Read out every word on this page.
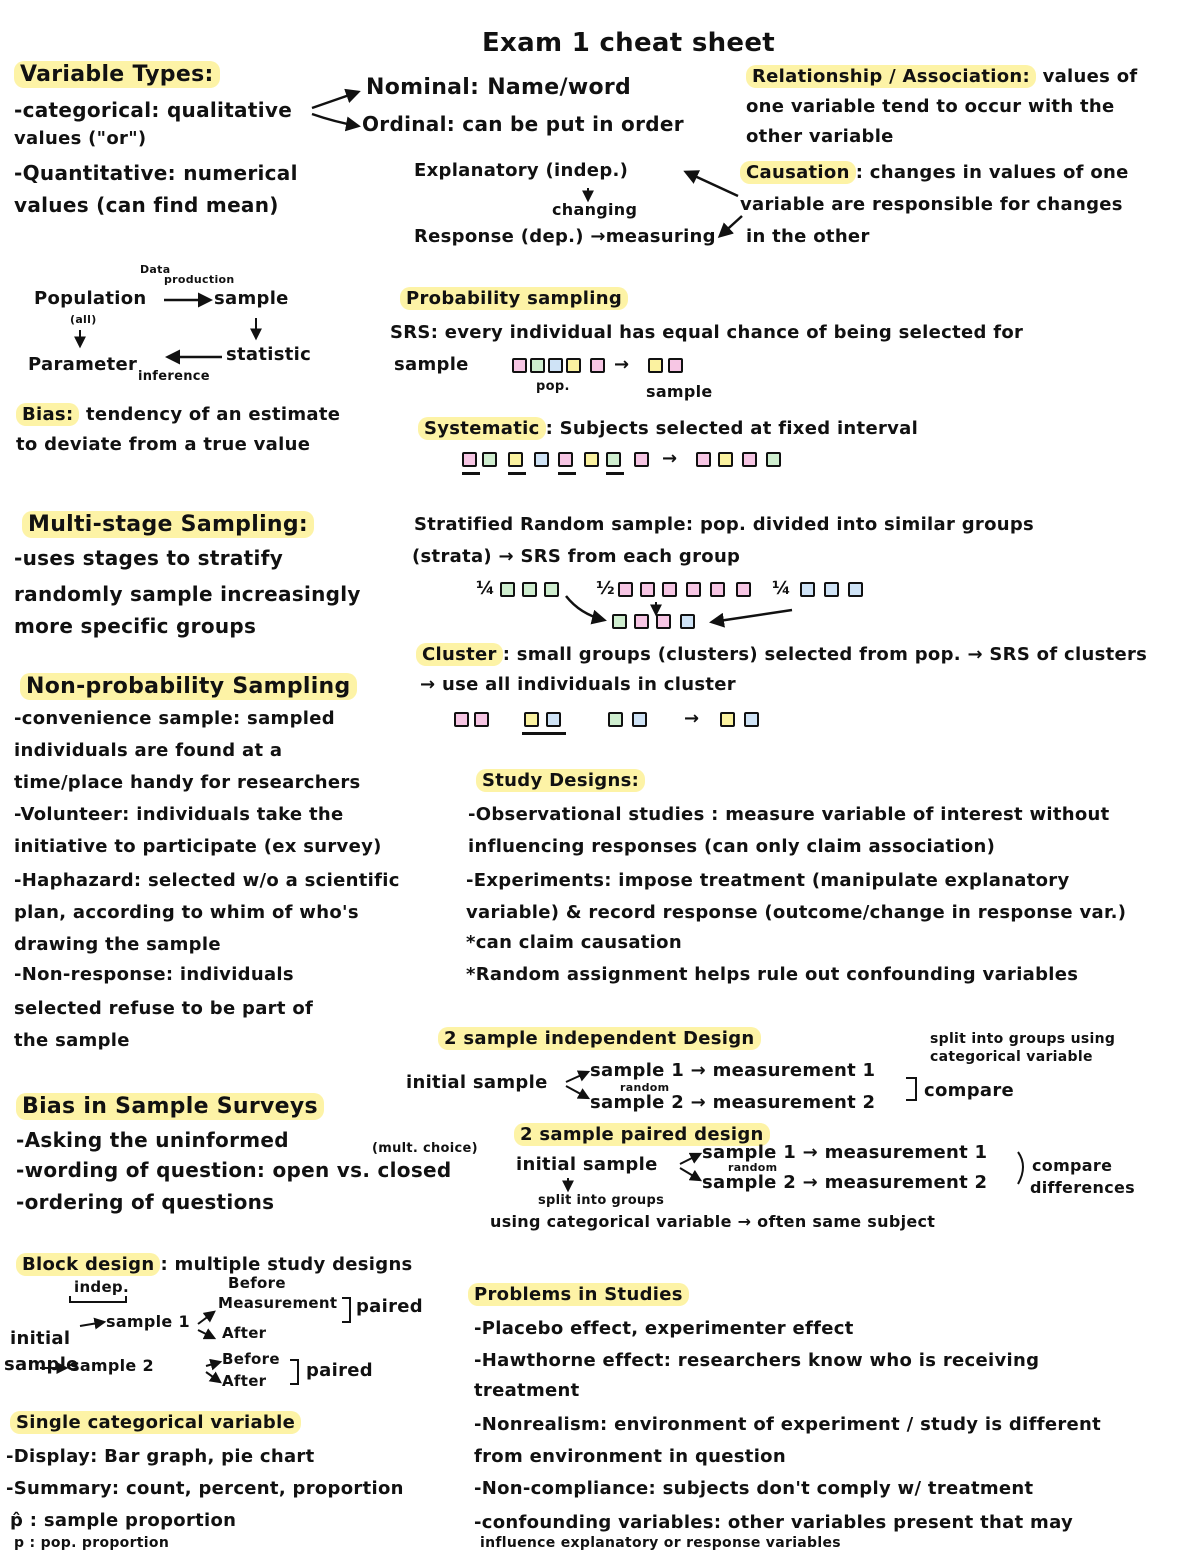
Exam 1 cheat sheet
Variable Types:
-categorical: qualitative
values ("or")
-Quantitative: numerical
values (can find mean)
Nominal: Name/word
Ordinal: can be put in order
Relationship / Association: values of
one variable tend to occur with the
other variable
Causation : changes in values of one
variable are responsible for changes
in the other
Explanatory (indep.)
changing
Response (dep.) →measuring
Data
production
Population
(all)
sample
Parameter
inference
statistic
Bias: tendency of an estimate
to deviate from a true value
Probability sampling
SRS: every individual has equal chance of being selected for
sample	→
pop.	sample
Systematic : Subjects selected at fixed interval
→
Stratified Random sample: pop. divided into similar groups
(strata) → SRS from each group
¼	½	¼
Cluster : small groups (clusters) selected from pop. → SRS of clusters
→ use all individuals in cluster
→
Multi-stage Sampling:
-uses stages to stratify
randomly sample increasingly
more specific groups
Non-probability Sampling
-convenience sample: sampled
individuals are found at a
time/place handy for researchers
-Volunteer: individuals take the
initiative to participate (ex survey)
-Haphazard: selected w/o a scientific
plan, according to whim of who's
drawing the sample
-Non-response: individuals
selected refuse to be part of
the sample
Study Designs:
-Observational studies : measure variable of interest without
influencing responses (can only claim association)
-Experiments: impose treatment (manipulate explanatory
variable) & record response (outcome/change in response var.)
*can claim causation
*Random assignment helps rule out confounding variables
2 sample independent Design	split into groups using
categorical variable
initial sample
sample 1 → measurement 1
random
sample 2 → measurement 2
compare
2 sample paired design
initial sample
sample 1 → measurement 1
random
sample 2 → measurement 2
compare
differences
split into groups
using categorical variable → often same subject
Bias in Sample Surveys
-Asking the uninformed	(mult. choice)
-wording of question: open vs. closed
-ordering of questions
Block design : multiple study designs
indep.	Before
sample 1
Measurement
After
paired
initial
sample
sample 2	Before
After paired
Problems in Studies
-Placebo effect, experimenter effect
-Hawthorne effect: researchers know who is receiving
treatment
-Nonrealism: environment of experiment / study is different
from environment in question
-Non-compliance: subjects don't comply w/ treatment
-confounding variables: other variables present that may
influence explanatory or response variables
Single categorical variable
-Display: Bar graph, pie chart
-Summary: count, percent, proportion
p̂ : sample proportion
p : pop. proportion
